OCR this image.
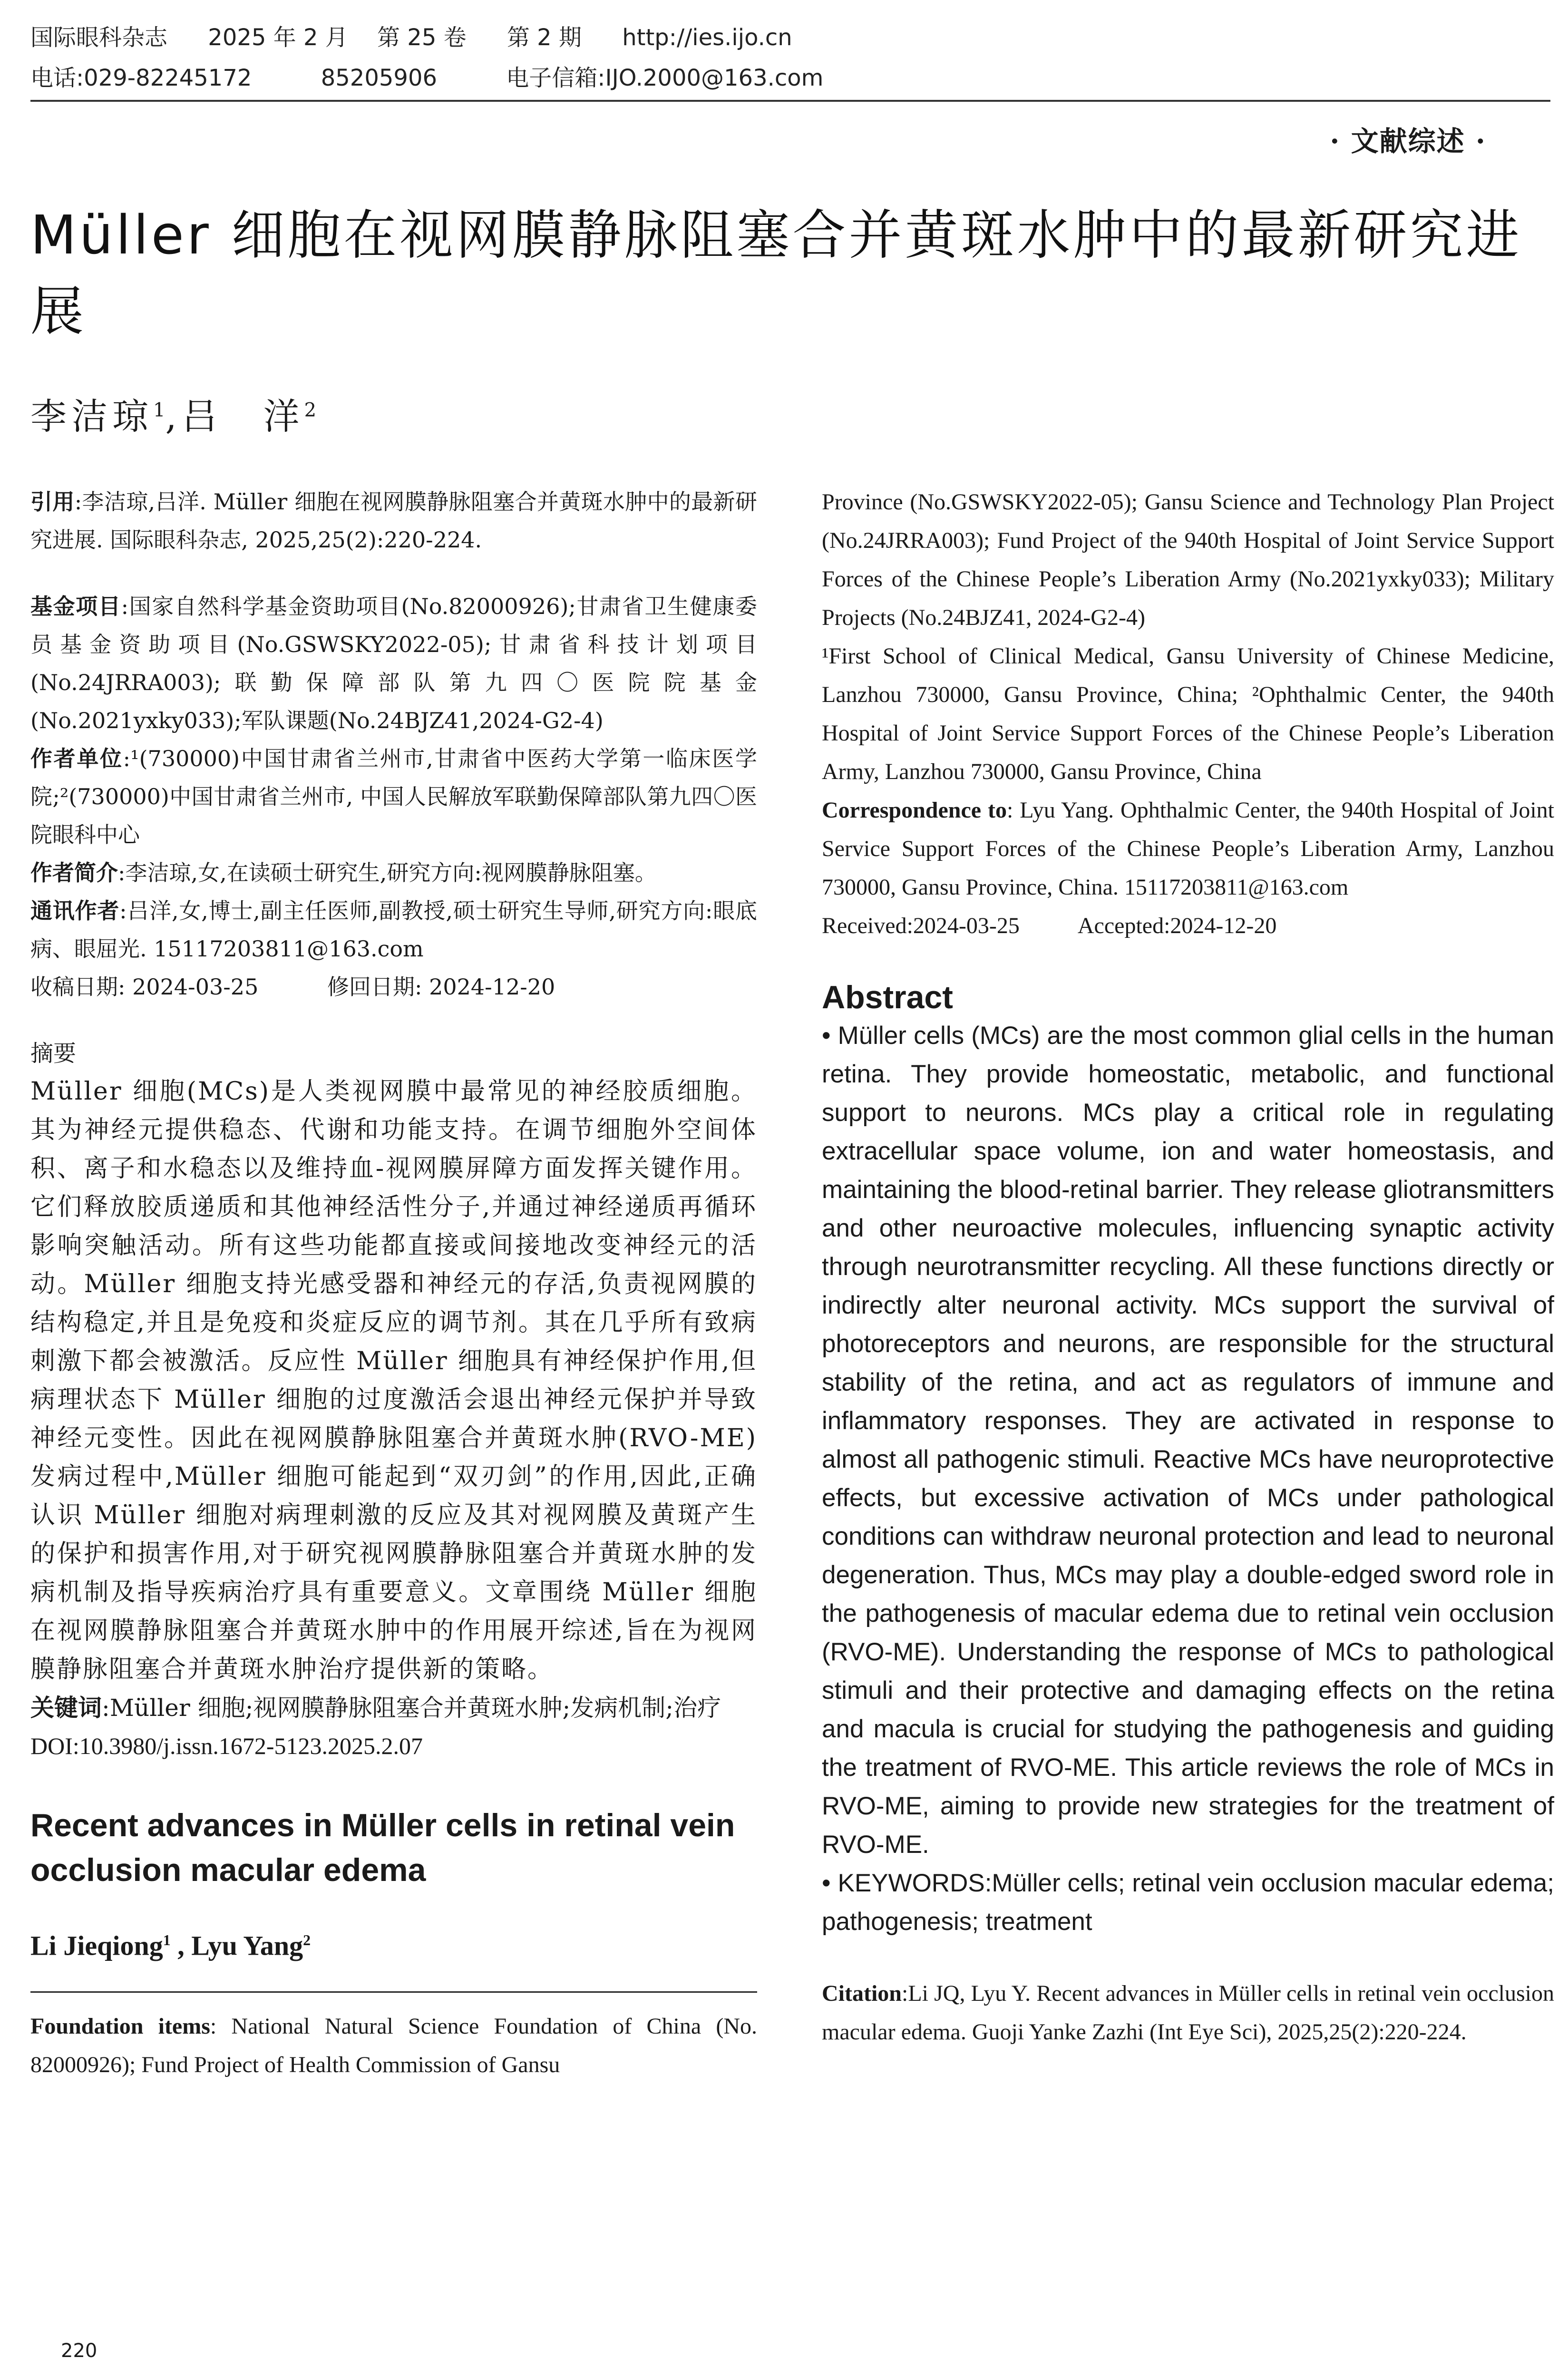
国际眼科杂志 2025 年 2 月 第 25 卷 第 2 期 http://ies.ijo.cn
电话:029-82245172	85205906	电子信箱:IJO.2000@163.com
· 文献综述 ·
Müller 细胞在视网膜静脉阻塞合并黄斑水肿中的最新研究进展
李洁琼$^1$,吕　洋$^2$

引用:李洁琼,吕洋. Müller 细胞在视网膜静脉阻塞合并黄斑水肿中的最新研究进展. 国际眼科杂志, 2025,25(2):220-224.

基金项目:国家自然科学基金资助项目(No.82000926);甘肃省卫生健康委员基金资助项目(No.GSWSKY2022-05);甘肃省科技计划项目(No.24JRRA003);联勤保障部队第九四〇医院院基金(No.2021yxky033);军队课题(No.24BJZ41,2024-G2-4)

作者单位:¹(730000)中国甘肃省兰州市,甘肃省中医药大学第一临床医学院;²(730000)中国甘肃省兰州市, 中国人民解放军联勤保障部队第九四〇医院眼科中心

作者简介:李洁琼,女,在读硕士研究生,研究方向:视网膜静脉阻塞。

通讯作者:吕洋,女,博士,副主任医师,副教授,硕士研究生导师,研究方向:眼底病、眼屈光. 15117203811@163.com

收稿日期: 2024-03-25	修回日期: 2024-12-20
摘要

Müller 细胞(MCs)是人类视网膜中最常见的神经胶质细胞。其为神经元提供稳态、代谢和功能支持。在调节细胞外空间体积、离子和水稳态以及维持血-视网膜屏障方面发挥关键作用。它们释放胶质递质和其他神经活性分子,并通过神经递质再循环影响突触活动。所有这些功能都直接或间接地改变神经元的活动。Müller 细胞支持光感受器和神经元的存活,负责视网膜的结构稳定,并且是免疫和炎症反应的调节剂。其在几乎所有致病刺激下都会被激活。反应性 Müller 细胞具有神经保护作用,但病理状态下 Müller 细胞的过度激活会退出神经元保护并导致神经元变性。因此在视网膜静脉阻塞合并黄斑水肿(RVO-ME)发病过程中,Müller 细胞可能起到“双刃剑”的作用,因此,正确认识 Müller 细胞对病理刺激的反应及其对视网膜及黄斑产生的保护和损害作用,对于研究视网膜静脉阻塞合并黄斑水肿的发病机制及指导疾病治疗具有重要意义。文章围绕 Müller 细胞在视网膜静脉阻塞合并黄斑水肿中的作用展开综述,旨在为视网膜静脉阻塞合并黄斑水肿治疗提供新的策略。

关键词:Müller 细胞;视网膜静脉阻塞合并黄斑水肿;发病机制;治疗

DOI:10.3980/j.issn.1672-5123.2025.2.07

Recent advances in Müller cells in retinal vein occlusion macular edema

Li Jieqiong$^1$ , Lyu Yang$^2$

Foundation items: National Natural Science Foundation of China (No. 82000926); Fund Project of Health Commission of Gansu

Province (No.GSWSKY2022-05); Gansu Science and Technology Plan Project (No.24JRRA003); Fund Project of the 940th Hospital of Joint Service Support Forces of the Chinese People’s Liberation Army (No.2021yxky033); Military Projects (No.24BJZ41, 2024-G2-4)

¹First School of Clinical Medical, Gansu University of Chinese Medicine, Lanzhou 730000, Gansu Province, China; ²Ophthalmic Center, the 940th Hospital of Joint Service Support Forces of the Chinese People’s Liberation Army, Lanzhou 730000, Gansu Province, China

Correspondence to: Lyu Yang. Ophthalmic Center, the 940th Hospital of Joint Service Support Forces of the Chinese People’s Liberation Army, Lanzhou 730000, Gansu Province, China. 15117203811@163.com

Received:2024-03-25	Accepted:2024-12-20

Abstract

• Müller cells (MCs) are the most common glial cells in the human retina. They provide homeostatic, metabolic, and functional support to neurons. MCs play a critical role in regulating extracellular space volume, ion and water homeostasis, and maintaining the blood-retinal barrier. They release gliotransmitters and other neuroactive molecules, influencing synaptic activity through neurotransmitter recycling. All these functions directly or indirectly alter neuronal activity. MCs support the survival of photoreceptors and neurons, are responsible for the structural stability of the retina, and act as regulators of immune and inflammatory responses. They are activated in response to almost all pathogenic stimuli. Reactive MCs have neuroprotective effects, but excessive activation of MCs under pathological conditions can withdraw neuronal protection and lead to neuronal degeneration. Thus, MCs may play a double-edged sword role in the pathogenesis of macular edema due to retinal vein occlusion (RVO-ME). Understanding the response of MCs to pathological stimuli and their protective and damaging effects on the retina and macula is crucial for studying the pathogenesis and guiding the treatment of RVO-ME. This article reviews the role of MCs in RVO-ME, aiming to provide new strategies for the treatment of RVO-ME.

• KEYWORDS:Müller cells; retinal vein occlusion macular edema; pathogenesis; treatment

Citation:Li JQ, Lyu Y. Recent advances in Müller cells in retinal vein occlusion macular edema. Guoji Yanke Zazhi (Int Eye Sci), 2025,25(2):220-224.

220
